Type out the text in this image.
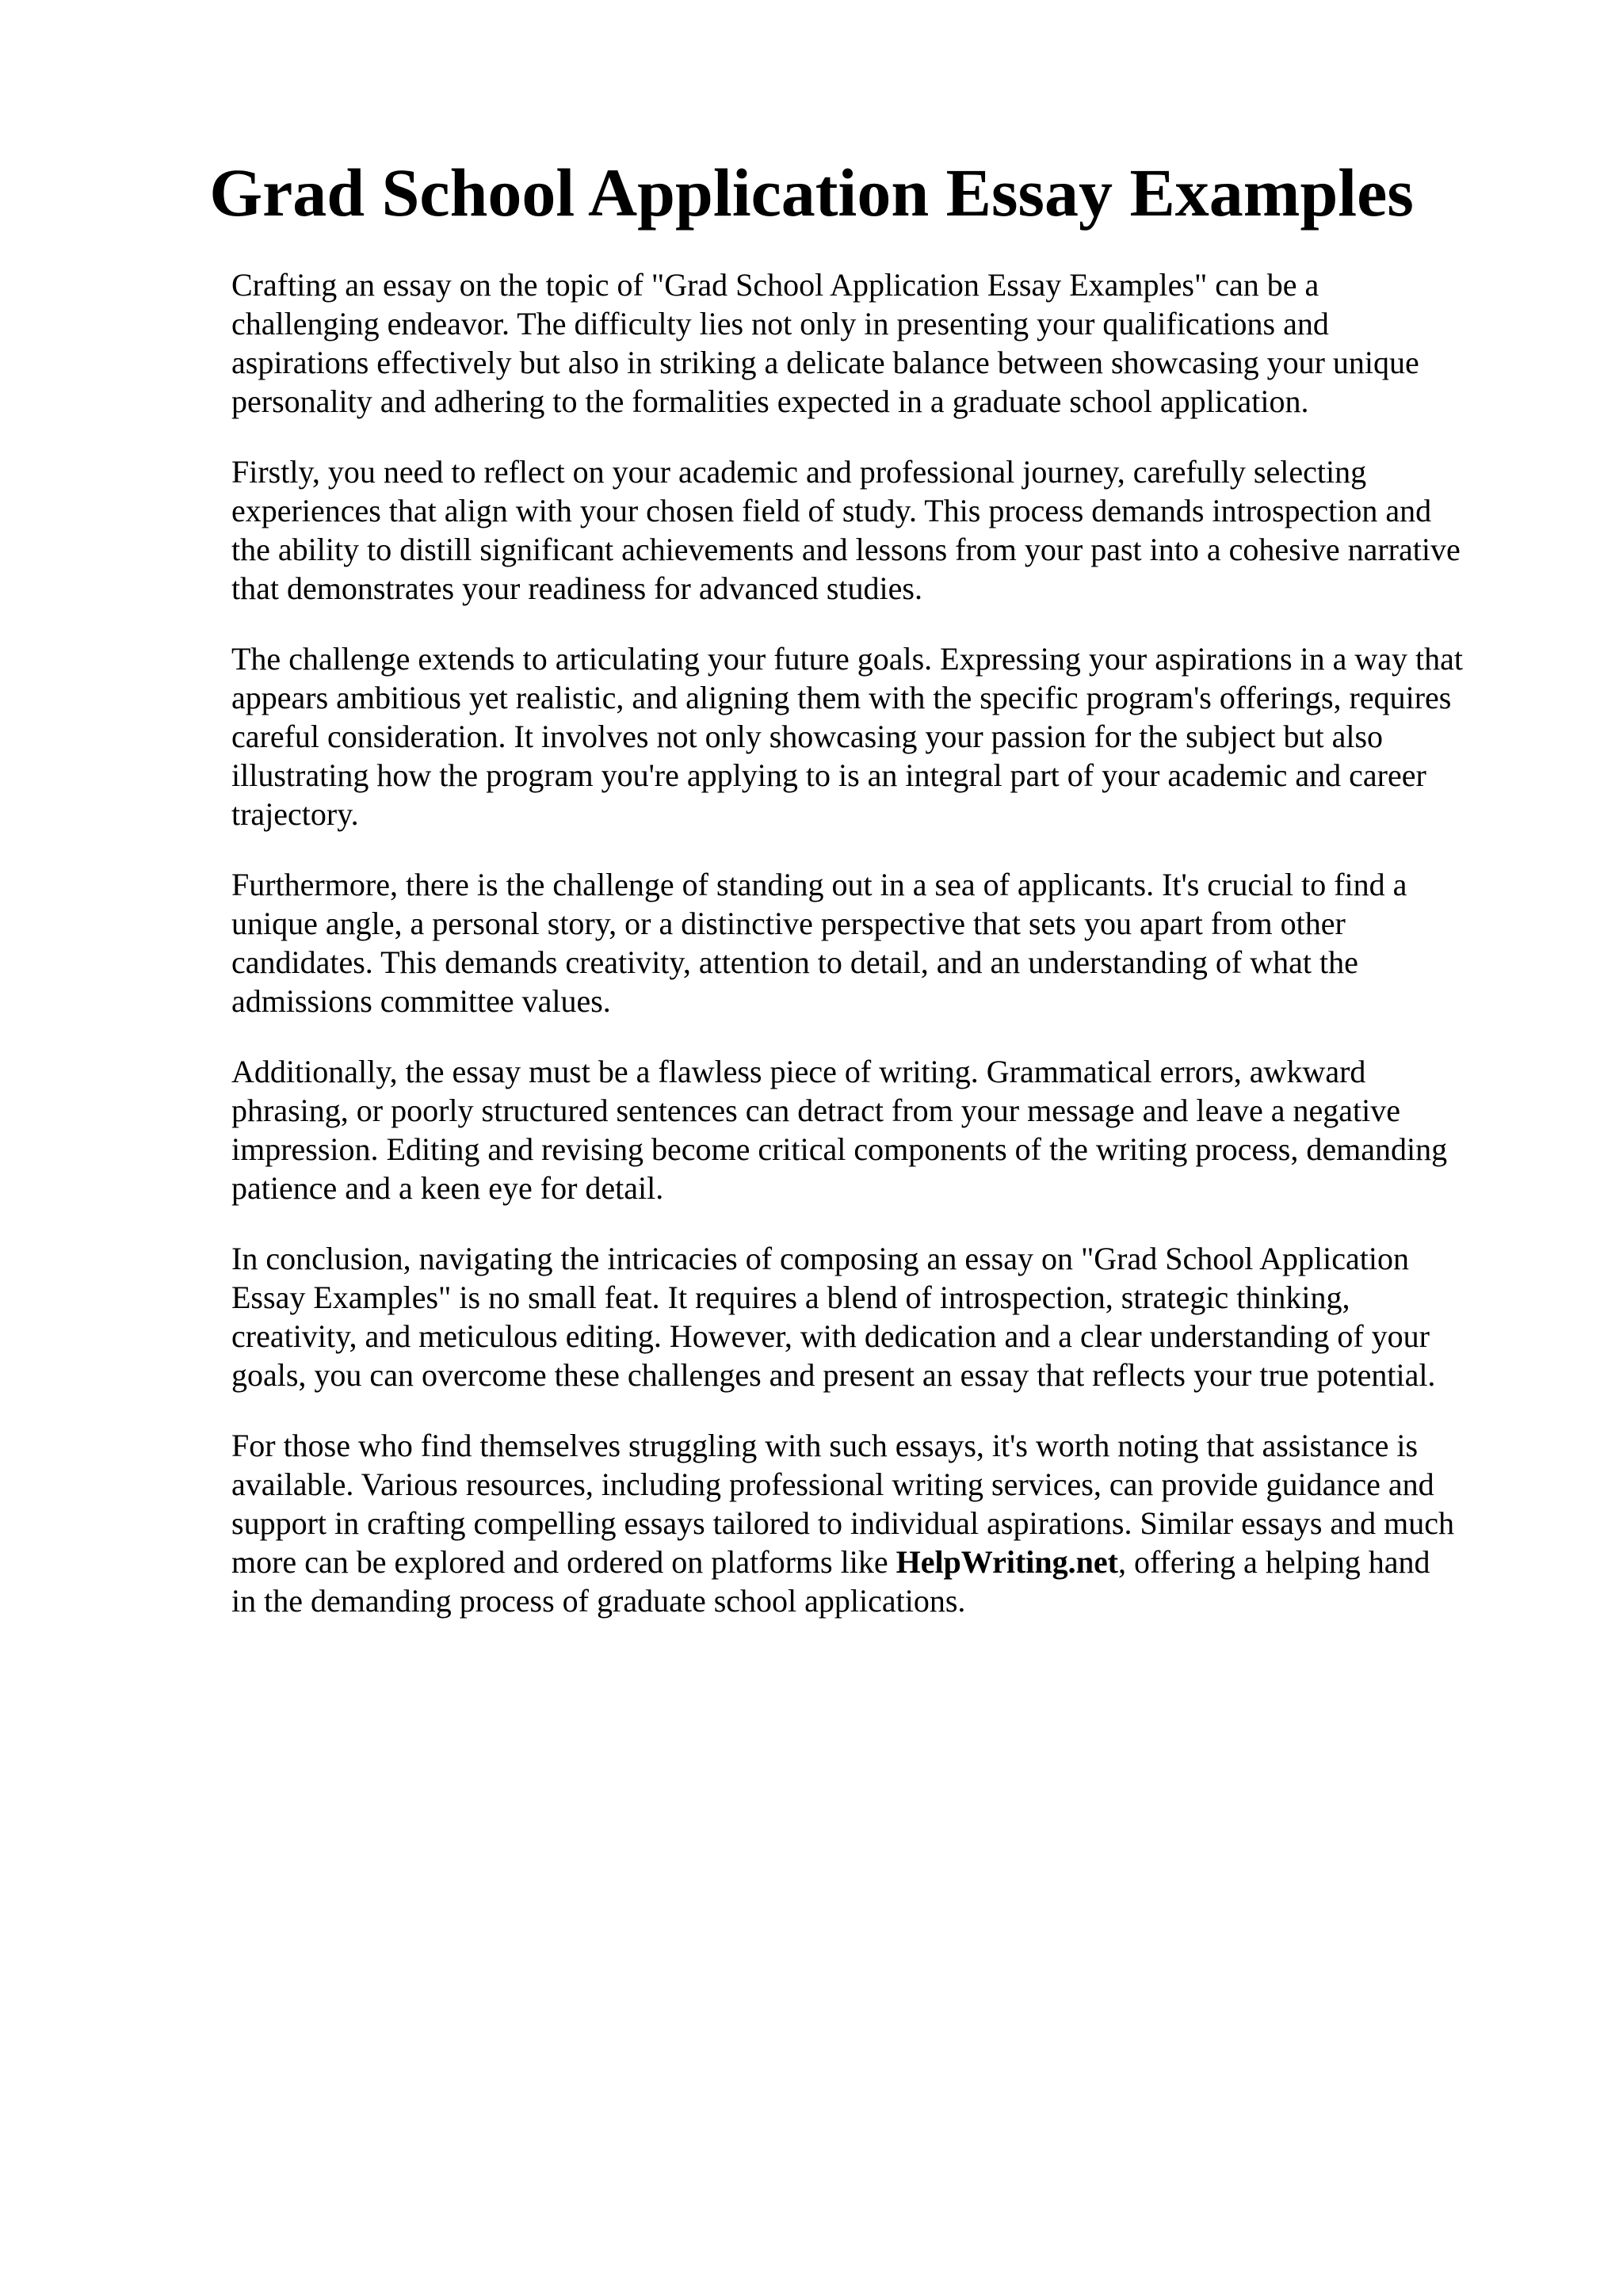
Grad School Application Essay Examples

Crafting an essay on the topic of "Grad School Application Essay Examples" can be a
challenging endeavor. The difficulty lies not only in presenting your qualifications and
aspirations effectively but also in striking a delicate balance between showcasing your unique
personality and adhering to the formalities expected in a graduate school application.

Firstly, you need to reflect on your academic and professional journey, carefully selecting
experiences that align with your chosen field of study. This process demands introspection and
the ability to distill significant achievements and lessons from your past into a cohesive narrative
that demonstrates your readiness for advanced studies.

The challenge extends to articulating your future goals. Expressing your aspirations in a way that
appears ambitious yet realistic, and aligning them with the specific program's offerings, requires
careful consideration. It involves not only showcasing your passion for the subject but also
illustrating how the program you're applying to is an integral part of your academic and career
trajectory.

Furthermore, there is the challenge of standing out in a sea of applicants. It's crucial to find a
unique angle, a personal story, or a distinctive perspective that sets you apart from other
candidates. This demands creativity, attention to detail, and an understanding of what the
admissions committee values.

Additionally, the essay must be a flawless piece of writing. Grammatical errors, awkward
phrasing, or poorly structured sentences can detract from your message and leave a negative
impression. Editing and revising become critical components of the writing process, demanding
patience and a keen eye for detail.

In conclusion, navigating the intricacies of composing an essay on "Grad School Application
Essay Examples" is no small feat. It requires a blend of introspection, strategic thinking,
creativity, and meticulous editing. However, with dedication and a clear understanding of your
goals, you can overcome these challenges and present an essay that reflects your true potential.

For those who find themselves struggling with such essays, it's worth noting that assistance is
available. Various resources, including professional writing services, can provide guidance and
support in crafting compelling essays tailored to individual aspirations. Similar essays and much
more can be explored and ordered on platforms like HelpWriting.net, offering a helping hand
in the demanding process of graduate school applications.
